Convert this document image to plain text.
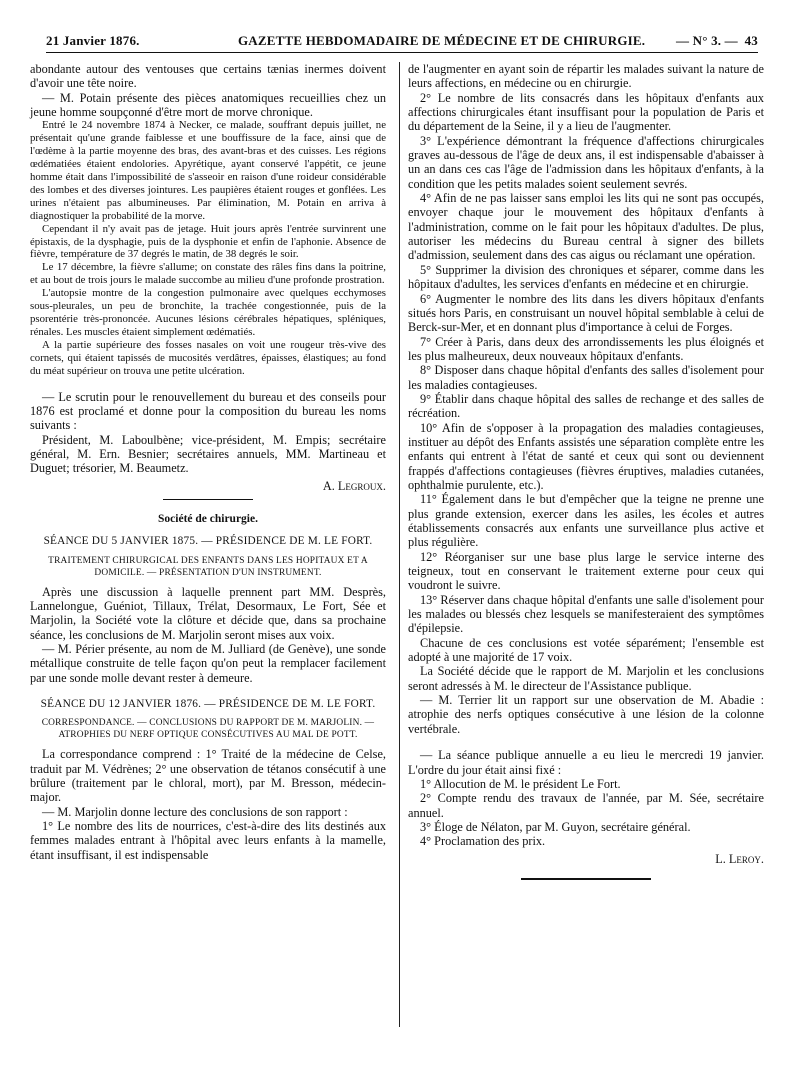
21 Janvier 1876.	GAZETTE HEBDOMADAIRE DE MÉDECINE ET DE CHIRURGIE. — N° 3. — 43

abondante autour des ventouses que certains tænias inermes doivent d'avoir une tête noire.

— M. Potain présente des pièces anatomiques recueillies chez un jeune homme soupçonné d'être mort de morve chronique.

Entré le 24 novembre 1874 à Necker, ce malade, souffrant depuis juillet, ne présentait qu'une grande faiblesse et une bouffissure de la face, ainsi que de l'œdème à la partie moyenne des bras, des avant-bras et des cuisses. Les régions œdématiées étaient endolories. Apyrétique, ayant conservé l'appétit, ce jeune homme était dans l'impossibilité de s'asseoir en raison d'une roideur considérable des lombes et des diverses jointures. Les paupières étaient rouges et gonflées. Les urines n'étaient pas albumineuses. Par élimination, M. Potain en arriva à diagnostiquer la probabilité de la morve.

Cependant il n'y avait pas de jetage. Huit jours après l'entrée survinrent une épistaxis, de la dysphagie, puis de la dysphonie et enfin de l'aphonie. Absence de fièvre, température de 37 degrés le matin, de 38 degrés le soir.

Le 17 décembre, la fièvre s'allume; on constate des râles fins dans la poitrine, et au bout de trois jours le malade succombe au milieu d'une profonde prostration.

L'autopsie montre de la congestion pulmonaire avec quelques ecchymoses sous-pleurales, un peu de bronchite, la trachée congestionnée, puis de la psorentérie très-prononcée. Aucunes lésions cérébrales hépatiques, spléniques, rénales. Les muscles étaient simplement œdématiés.

A la partie supérieure des fosses nasales on voit une rougeur très-vive des cornets, qui étaient tapissés de mucosités verdâtres, épaisses, élastiques; au fond du méat supérieur on trouva une petite ulcération.

— Le scrutin pour le renouvellement du bureau et des conseils pour 1876 est proclamé et donne pour la composition du bureau les noms suivants :

Président, M. Laboulbène; vice-président, M. Empis; secrétaire général, M. Ern. Besnier; secrétaires annuels, MM. Martineau et Duguet; trésorier, M. Beaumetz.

A. Legroux.

Société de chirurgie.

SÉANCE DU 5 JANVIER 1875. — PRÉSIDENCE DE M. LE FORT.

TRAITEMENT CHIRURGICAL DES ENFANTS DANS LES HOPITAUX ET A DOMICILE. — PRÉSENTATION D'UN INSTRUMENT.

Après une discussion à laquelle prennent part MM. Desprès, Lannelongue, Guéniot, Tillaux, Trélat, Desormaux, Le Fort, Sée et Marjolin, la Société vote la clôture et décide que, dans sa prochaine séance, les conclusions de M. Marjolin seront mises aux voix.

— M. Périer présente, au nom de M. Julliard (de Genève), une sonde métallique construite de telle façon qu'on peut la remplacer facilement par une sonde molle devant rester à demeure.

SÉANCE DU 12 JANVIER 1876. — PRÉSIDENCE DE M. LE FORT.

CORRESPONDANCE. — CONCLUSIONS DU RAPPORT DE M. MARJOLIN. — ATROPHIES DU NERF OPTIQUE CONSÉCUTIVES AU MAL DE POTT.

La correspondance comprend : 1° Traité de la médecine de Celse, traduit par M. Védrènes; 2° une observation de tétanos consécutif à une brûlure (traitement par le chloral, mort), par M. Bresson, médecin-major.

— M. Marjolin donne lecture des conclusions de son rapport :

1° Le nombre des lits de nourrices, c'est-à-dire des lits destinés aux femmes malades entrant à l'hôpital avec leurs enfants à la mamelle, étant insuffisant, il est indispensable

de l'augmenter en ayant soin de répartir les malades suivant la nature de leurs affections, en médecine ou en chirurgie.

2° Le nombre de lits consacrés dans les hôpitaux d'enfants aux affections chirurgicales étant insuffisant pour la population de Paris et du département de la Seine, il y a lieu de l'augmenter.

3° L'expérience démontrant la fréquence d'affections chirurgicales graves au-dessous de l'âge de deux ans, il est indispensable d'abaisser à un an dans ces cas l'âge de l'admission dans les hôpitaux d'enfants, à la condition que les petits malades soient seulement sevrés.

4° Afin de ne pas laisser sans emploi les lits qui ne sont pas occupés, envoyer chaque jour le mouvement des hôpitaux d'enfants à l'administration, comme on le fait pour les hôpitaux d'adultes. De plus, autoriser les médecins du Bureau central à signer des billets d'admission, seulement dans des cas aigus ou réclamant une opération.

5° Supprimer la division des chroniques et séparer, comme dans les hôpitaux d'adultes, les services d'enfants en médecine et en chirurgie.

6° Augmenter le nombre des lits dans les divers hôpitaux d'enfants situés hors Paris, en construisant un nouvel hôpital semblable à celui de Berck-sur-Mer, et en donnant plus d'importance à celui de Forges.

7° Créer à Paris, dans deux des arrondissements les plus éloignés et les plus malheureux, deux nouveaux hôpitaux d'enfants.

8° Disposer dans chaque hôpital d'enfants des salles d'isolement pour les maladies contagieuses.

9° Établir dans chaque hôpital des salles de rechange et des salles de récréation.

10° Afin de s'opposer à la propagation des maladies contagieuses, instituer au dépôt des Enfants assistés une séparation complète entre les enfants qui entrent à l'état de santé et ceux qui sont ou deviennent frappés d'affections contagieuses (fièvres éruptives, maladies cutanées, ophthalmie purulente, etc.).

11° Également dans le but d'empêcher que la teigne ne prenne une plus grande extension, exercer dans les asiles, les écoles et autres établissements consacrés aux enfants une surveillance plus active et plus régulière.

12° Réorganiser sur une base plus large le service interne des teigneux, tout en conservant le traitement externe pour ceux qui voudront le suivre.

13° Réserver dans chaque hôpital d'enfants une salle d'isolement pour les malades ou blessés chez lesquels se manifesteraient des symptômes d'épilepsie.

Chacune de ces conclusions est votée séparément; l'ensemble est adopté à une majorité de 17 voix.

La Société décide que le rapport de M. Marjolin et les conclusions seront adressés à M. le directeur de l'Assistance publique.

— M. Terrier lit un rapport sur une observation de M. Abadie : atrophie des nerfs optiques consécutive à une lésion de la colonne vertébrale.

— La séance publique annuelle a eu lieu le mercredi 19 janvier. L'ordre du jour était ainsi fixé :

1° Allocution de M. le président Le Fort.

2° Compte rendu des travaux de l'année, par M. Sée, secrétaire annuel.

3° Éloge de Nélaton, par M. Guyon, secrétaire général.

4° Proclamation des prix.

L. Leroy.
